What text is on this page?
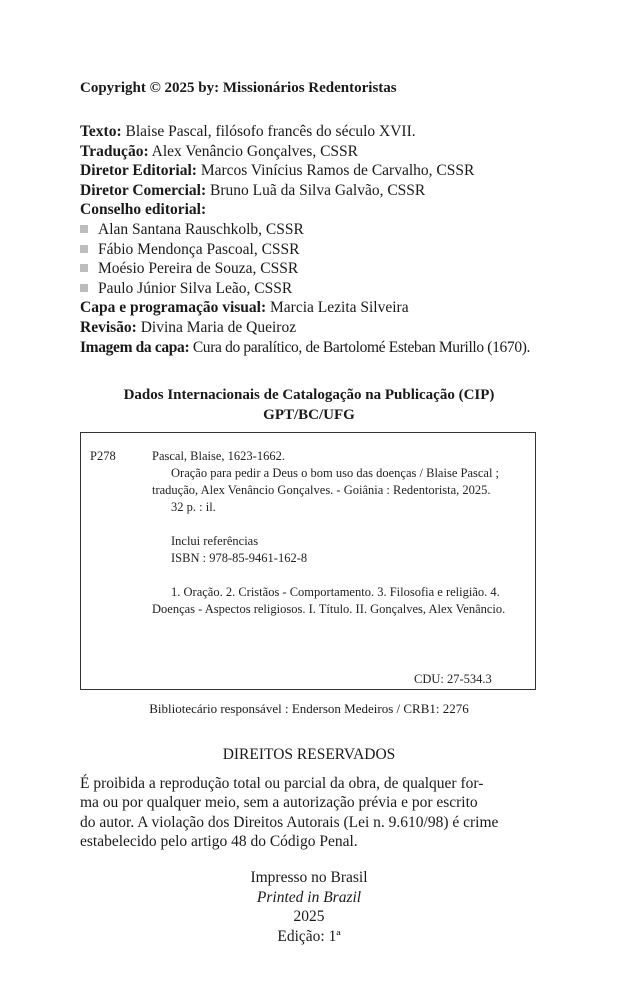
Copyright © 2025 by: Missionários Redentoristas
Texto: Blaise Pascal, filósofo francês do século XVII.
Tradução: Alex Venâncio Gonçalves, CSSR
Diretor Editorial: Marcos Vinícius Ramos de Carvalho, CSSR
Diretor Comercial: Bruno Luã da Silva Galvão, CSSR
Conselho editorial:
Alan Santana Rauschkolb, CSSR
Fábio Mendonça Pascoal, CSSR
Moésio Pereira de Souza, CSSR
Paulo Júnior Silva Leão, CSSR
Capa e programação visual: Marcia Lezita Silveira
Revisão: Divina Maria de Queiroz
Imagem da capa: Cura do paralítico, de Bartolomé Esteban Murillo (1670).
Dados Internacionais de Catalogação na Publicação (CIP)
GPT/BC/UFG
P278	Pascal, Blaise, 1623-1662.
Oração para pedir a Deus o bom uso das doenças / Blaise Pascal ;
tradução, Alex Venâncio Gonçalves. - Goiânia : Redentorista, 2025.
32 p. : il.
Inclui referências
ISBN : 978-85-9461-162-8
1. Oração. 2. Cristãos - Comportamento. 3. Filosofia e religião. 4.
Doenças - Aspectos religiosos. I. Título. II. Gonçalves, Alex Venâncio.
CDU: 27-534.3
Bibliotecário responsável : Enderson Medeiros / CRB1: 2276
DIREITOS RESERVADOS
É proibida a reprodução total ou parcial da obra, de qualquer for-
ma ou por qualquer meio, sem a autorização prévia e por escrito
do autor. A violação dos Direitos Autorais (Lei n. 9.610/98) é crime
estabelecido pelo artigo 48 do Código Penal.
Impresso no Brasil
Printed in Brazil
2025
Edição: 1ª
